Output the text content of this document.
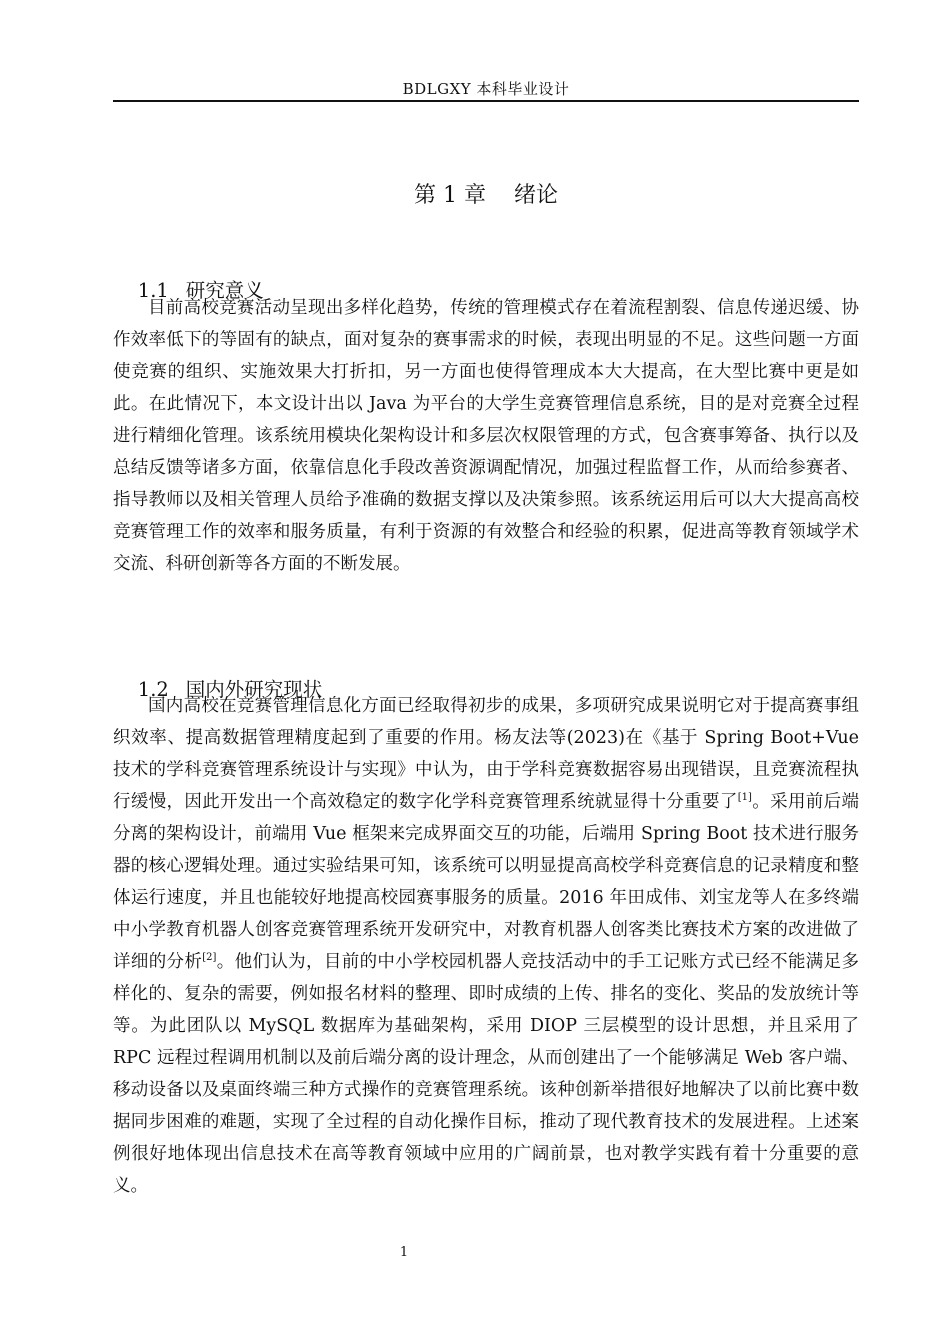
BDLGXY 本科毕业设计
第 1 章    绪论

1.1 研究意义

目前高校竞赛活动呈现出多样化趋势，传统的管理模式存在着流程割裂、信息传递迟缓、协作效率低下的等固有的缺点，面对复杂的赛事需求的时候，表现出明显的不足。这些问题一方面使竞赛的组织、实施效果大打折扣，另一方面也使得管理成本大大提高，在大型比赛中更是如此。在此情况下，本文设计出以 Java 为平台的大学生竞赛管理信息系统，目的是对竞赛全过程进行精细化管理。该系统用模块化架构设计和多层次权限管理的方式，包含赛事筹备、执行以及总结反馈等诸多方面，依靠信息化手段改善资源调配情况，加强过程监督工作，从而给参赛者、指导教师以及相关管理人员给予准确的数据支撑以及决策参照。该系统运用后可以大大提高高校竞赛管理工作的效率和服务质量，有利于资源的有效整合和经验的积累，促进高等教育领域学术交流、科研创新等各方面的不断发展。

1.2 国内外研究现状

国内高校在竞赛管理信息化方面已经取得初步的成果，多项研究成果说明它对于提高赛事组织效率、提高数据管理精度起到了重要的作用。杨友法等(2023)在《基于 Spring Boot+Vue 技术的学科竞赛管理系统设计与实现》中认为，由于学科竞赛数据容易出现错误，且竞赛流程执行缓慢，因此开发出一个高效稳定的数字化学科竞赛管理系统就显得十分重要了[1]。采用前后端分离的架构设计，前端用 Vue 框架来完成界面交互的功能，后端用 Spring Boot 技术进行服务器的核心逻辑处理。通过实验结果可知，该系统可以明显提高高校学科竞赛信息的记录精度和整体运行速度，并且也能较好地提高校园赛事服务的质量。2016 年田成伟、刘宝龙等人在多终端中小学教育机器人创客竞赛管理系统开发研究中，对教育机器人创客类比赛技术方案的改进做了详细的分析[2]。他们认为，目前的中小学校园机器人竞技活动中的手工记账方式已经不能满足多样化的、复杂的需要，例如报名材料的整理、即时成绩的上传、排名的变化、奖品的发放统计等等。为此团队以 MySQL 数据库为基础架构，采用 DIOP 三层模型的设计思想，并且采用了 RPC 远程过程调用机制以及前后端分离的设计理念，从而创建出了一个能够满足 Web 客户端、移动设备以及桌面终端三种方式操作的竞赛管理系统。该种创新举措很好地解决了以前比赛中数据同步困难的难题，实现了全过程的自动化操作目标，推动了现代教育技术的发展进程。上述案例很好地体现出信息技术在高等教育领域中应用的广阔前景，也对教学实践有着十分重要的意义。

1
